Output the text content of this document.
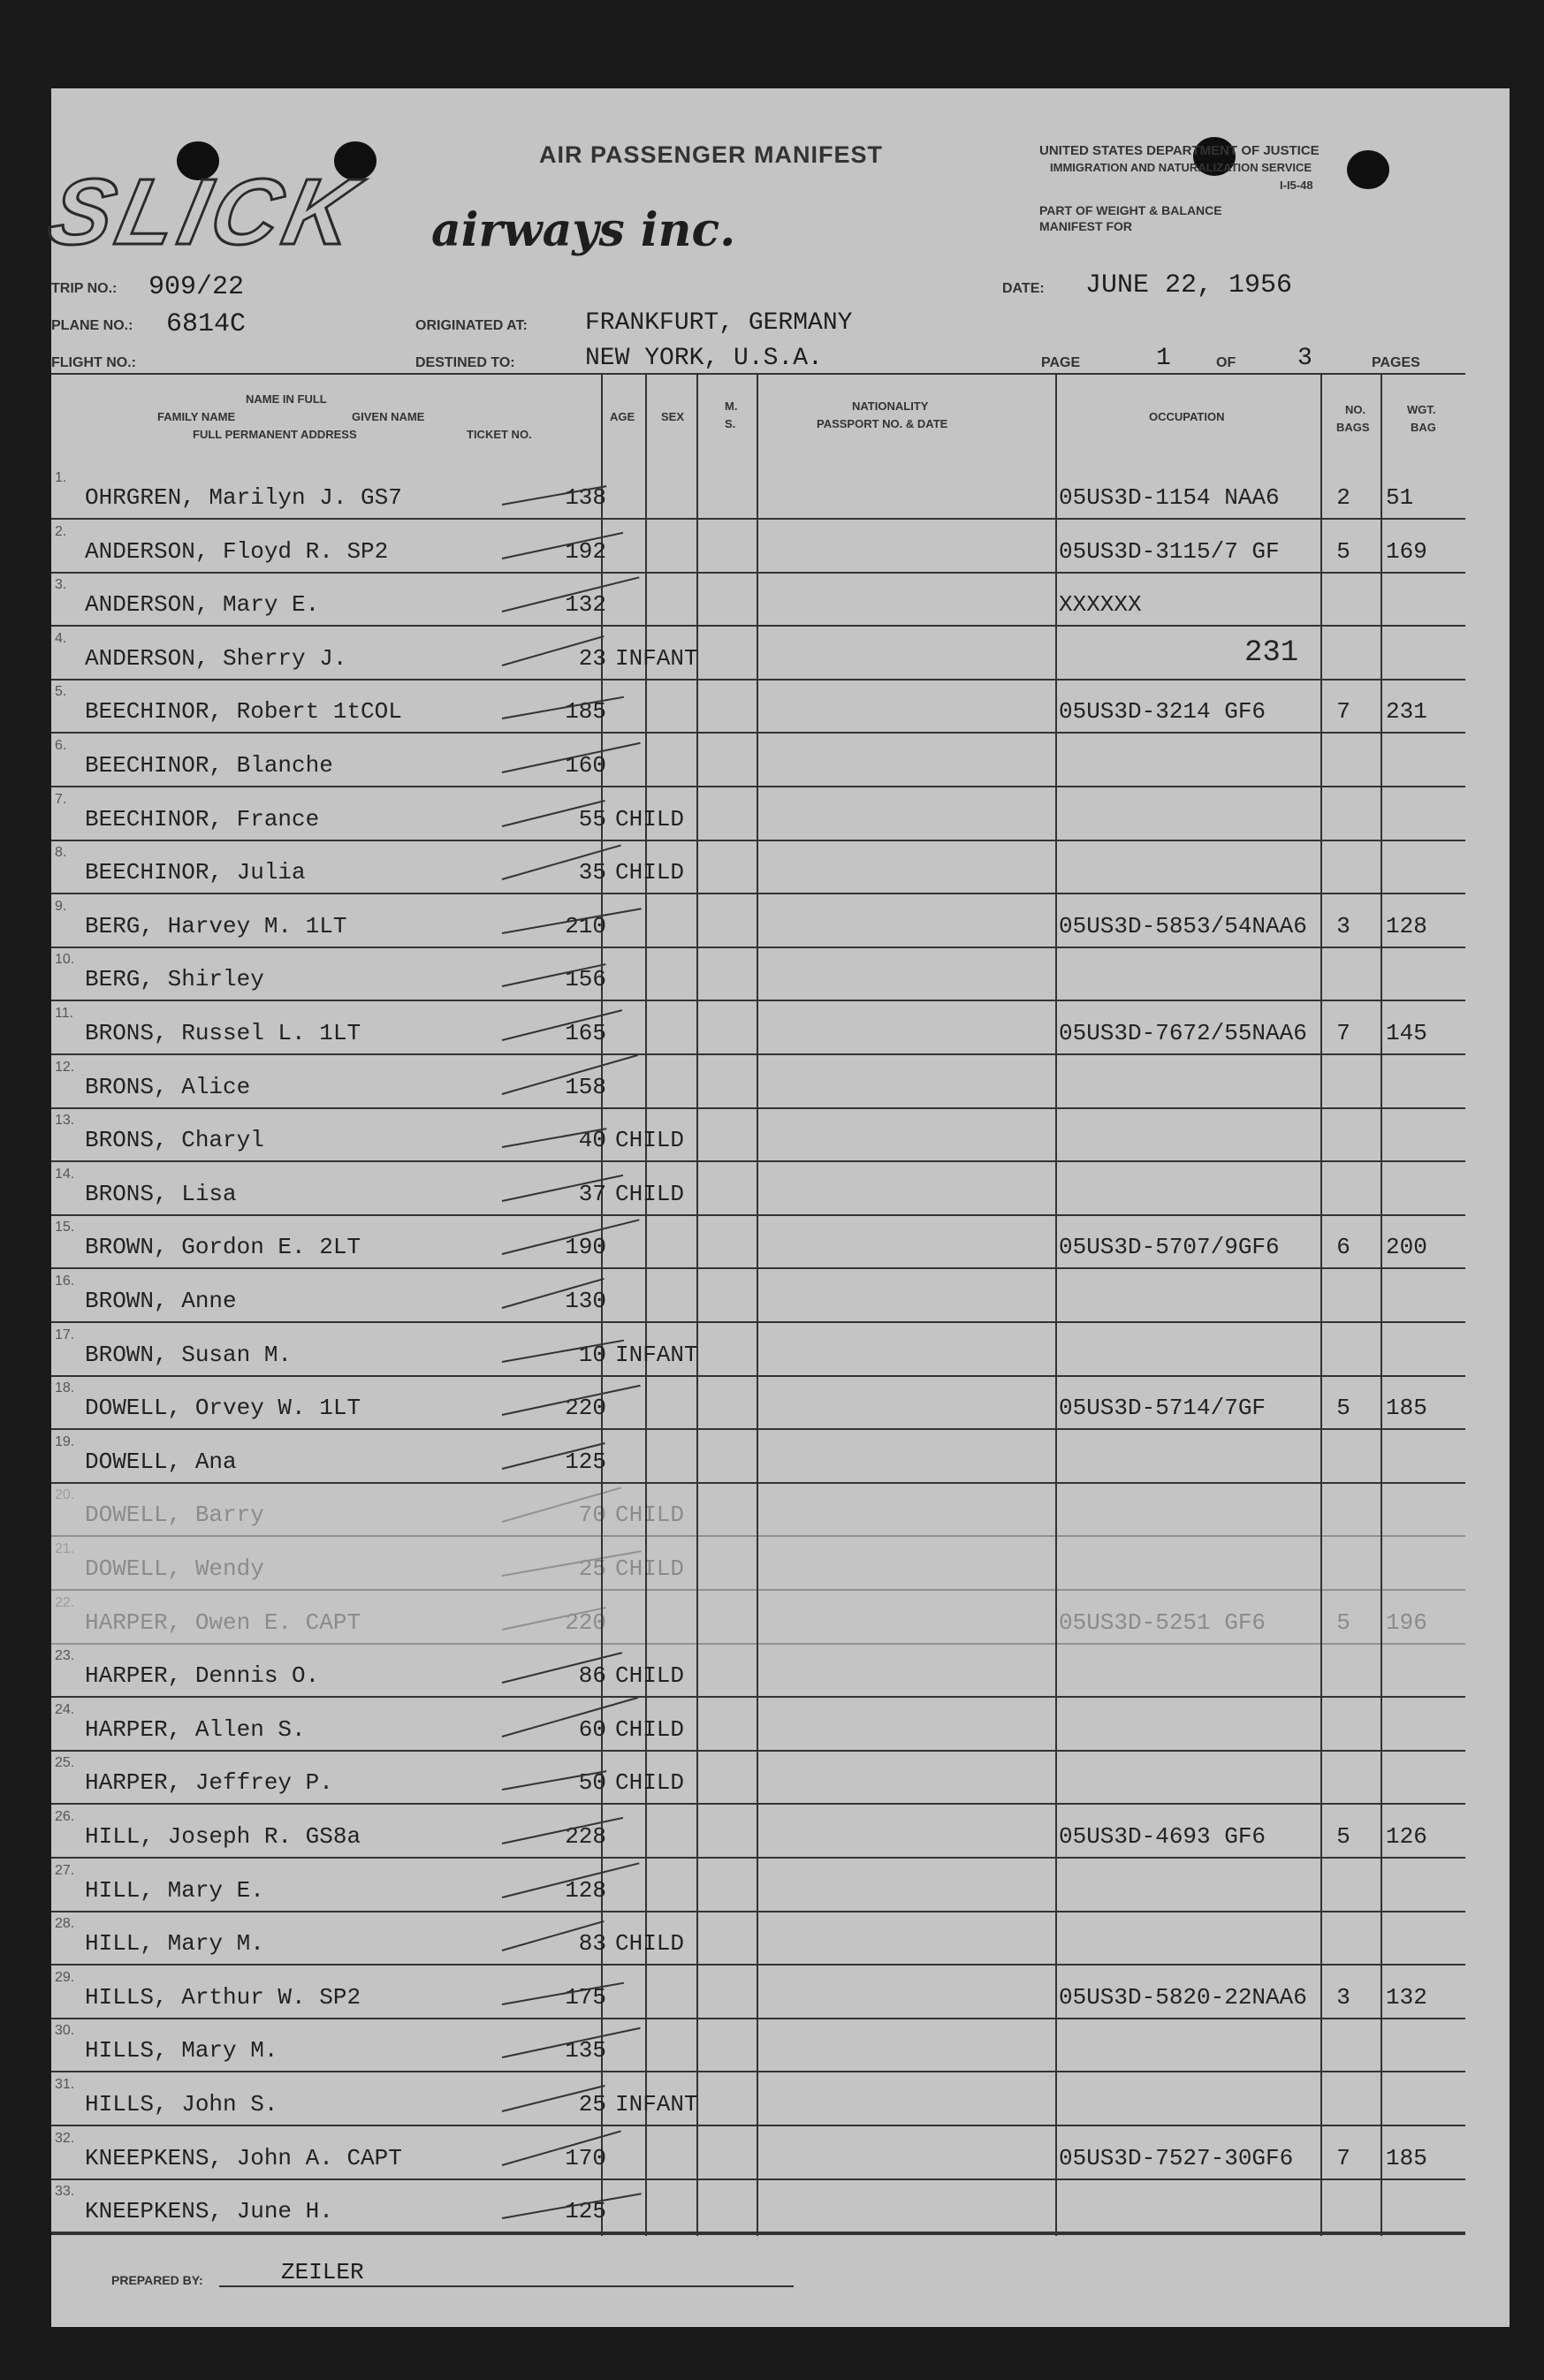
SLICK	airways inc.
AIR PASSENGER MANIFEST	UNITED STATES DEPARTMENT OF JUSTICE
IMMIGRATION AND NATURALIZATION SERVICE
I-I5-48
PART OF WEIGHT & BALANCE
MANIFEST FOR
TRIP NO.: 909/22
PLANE NO.: 6814C
FLIGHT NO.:
ORIGINATED AT: FRANKFURT, GERMANY
DESTINED TO:	NEW YORK, U.S.A.
DATE: JUNE 22, 1956
PAGE	1	OF 3	PAGES
NAME IN FULL
FAMILY NAME	GIVEN NAME
FULL PERMANENT ADDRESS	TICKET NO.
AGE SEX
M.
S.
NATIONALITY
PASSPORT NO. & DATE
OCCUPATION
NO.
BAGS
WGT.
BAG
1.
OHRGREN, Marilyn J. GS7	138	05US3D-1154 NAA6	2	51
2.
ANDERSON, Floyd R. SP2	192	05US3D-3115/7 GF	5	169
3.
ANDERSON, Mary E.	132	XXXXXX
4.
ANDERSON, Sherry J.	23 INFANT	231
5.
BEECHINOR, Robert 1tCOL	185	05US3D-3214 GF6	7	231
6.
BEECHINOR, Blanche	160
7.
BEECHINOR, France	55 CHILD
8.
BEECHINOR, Julia	35 CHILD
9.
BERG, Harvey M. 1LT	210	05US3D-5853/54NAA6	3	128
10.
BERG, Shirley	156
11.
BRONS, Russel L. 1LT	165	05US3D-7672/55NAA6	7	145
12.
BRONS, Alice	158
13.
BRONS, Charyl	40 CHILD
14.
BRONS, Lisa	37 CHILD
15.
BROWN, Gordon E. 2LT	190	05US3D-5707/9GF6	6	200
16.
BROWN, Anne	130
17.
BROWN, Susan M.	10 INFANT
18.
DOWELL, Orvey W. 1LT	220	05US3D-5714/7GF	5	185
19.
DOWELL, Ana	125
20.
DOWELL, Barry	70 CHILD
21.
DOWELL, Wendy	25 CHILD
22.
HARPER, Owen E. CAPT	220	05US3D-5251 GF6	5	196
23.
HARPER, Dennis O.	86 CHILD
24.
HARPER, Allen S.	60 CHILD
25.
HARPER, Jeffrey P.	50 CHILD
26.
HILL, Joseph R. GS8a	228	05US3D-4693 GF6	5	126
27.
HILL, Mary E.	128
28.
HILL, Mary M.	83 CHILD
29.
HILLS, Arthur W. SP2	175	05US3D-5820-22NAA6	3	132
30.
HILLS, Mary M.	135
31.
HILLS, John S.	25 INFANT
32.
KNEEPKENS, John A. CAPT	170	05US3D-7527-30GF6	7	185
33.
KNEEPKENS, June H.	125
PREPARED BY:	ZEILER
